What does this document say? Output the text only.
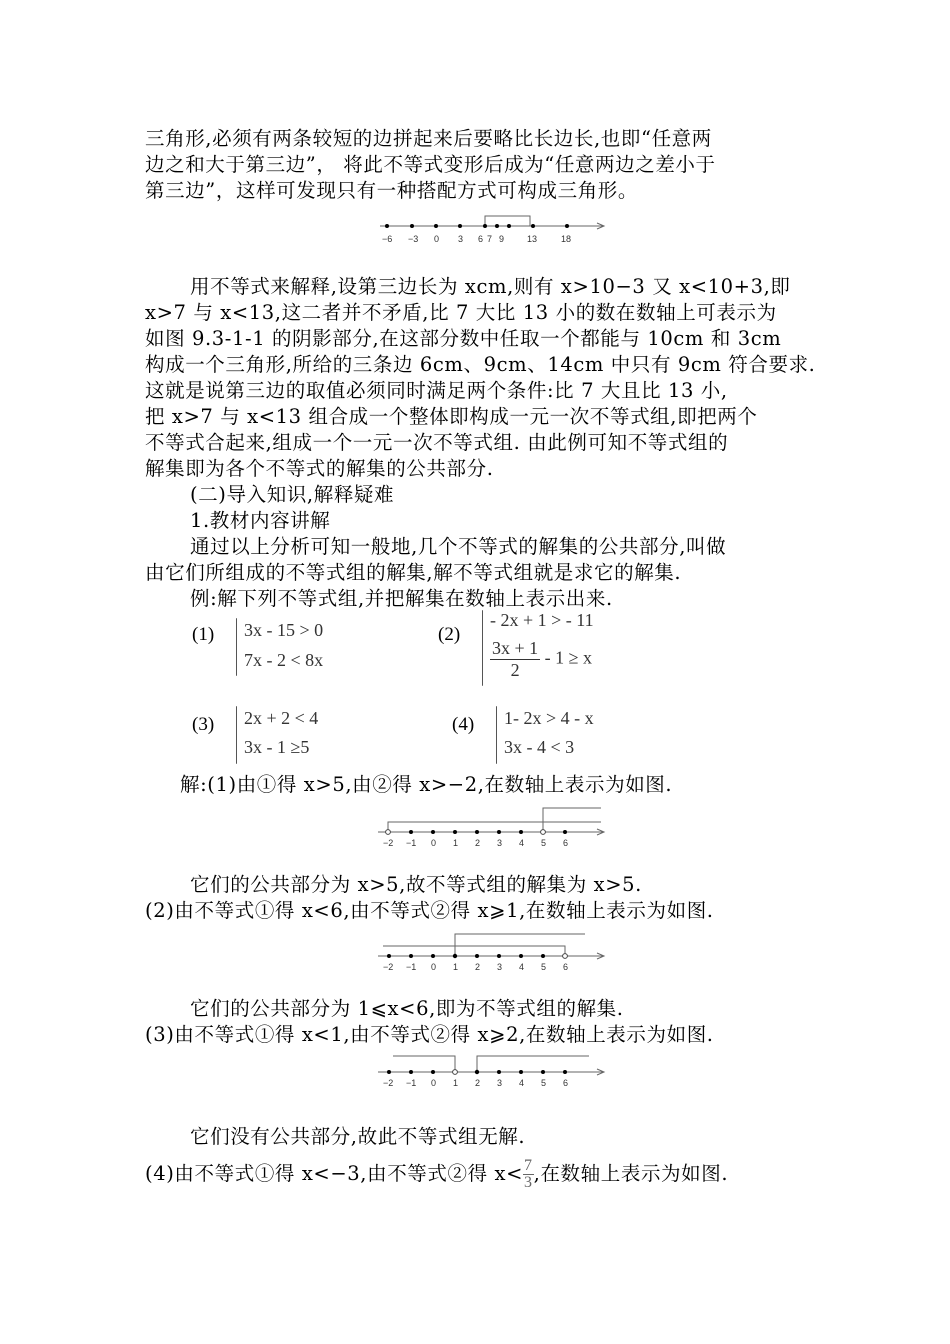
三角形,必须有两条较短的边拼起来后要略比长边长,也即“任意两
边之和大于第三边”， 将此不等式变形后成为“任意两边之差小于
第三边”，这样可发现只有一种搭配方式可构成三角形。
−6 −3 0 3 6 7 9	13	18
用不等式来解释,设第三边长为 xcm,则有 x>10−3 又 x<10+3,即
x>7 与 x<13,这二者并不矛盾,比 7 大比 13 小的数在数轴上可表示为
如图 9.3-1-1 的阴影部分,在这部分数中任取一个都能与 10cm 和 3cm
构成一个三角形,所给的三条边 6cm、9cm、14cm 中只有 9cm 符合要求.
这就是说第三边的取值必须同时满足两个条件:比 7 大且比 13 小,
把 x>7 与 x<13 组合成一个整体即构成一元一次不等式组,即把两个
不等式合起来,组成一个一元一次不等式组. 由此例可知不等式组的
解集即为各个不等式的解集的公共部分.
(二)导入知识,解释疑难
1.教材内容讲解
通过以上分析可知一般地,几个不等式的解集的公共部分,叫做
由它们所组成的不等式组的解集,解不等式组就是求它的解集.
例:解下列不等式组,并把解集在数轴上表示出来.
(1) 3x - 15 > 0
7x - 2 < 8x
(2)
- 2x + 1 > - 11
$\frac{3x + 1}{2} - 1 \ge x$
(3) 2x + 2 < 4
3x - 1 ≥5
(4) 1- 2x > 4 - x
3x - 4 < 3
解:(1)由①得 x>5,由②得 x>−2,在数轴上表示为如图.
−2 −1 0 1 2 3 4 5 6
它们的公共部分为 x>5,故不等式组的解集为 x>5.
(2)由不等式①得 x<6,由不等式②得 x⩾1,在数轴上表示为如图.
−2 −1 0 1 2 3 4 5 6
它们的公共部分为 1⩽x<6,即为不等式组的解集.
(3)由不等式①得 x<1,由不等式②得 x⩾2,在数轴上表示为如图.
−2 −1 0 1 2 3 4 5 6
它们没有公共部分,故此不等式组无解.
(4)由不等式①得 x<−3,由不等式②得 $x< \frac{7}{3}$,在数轴上表示为如图.
